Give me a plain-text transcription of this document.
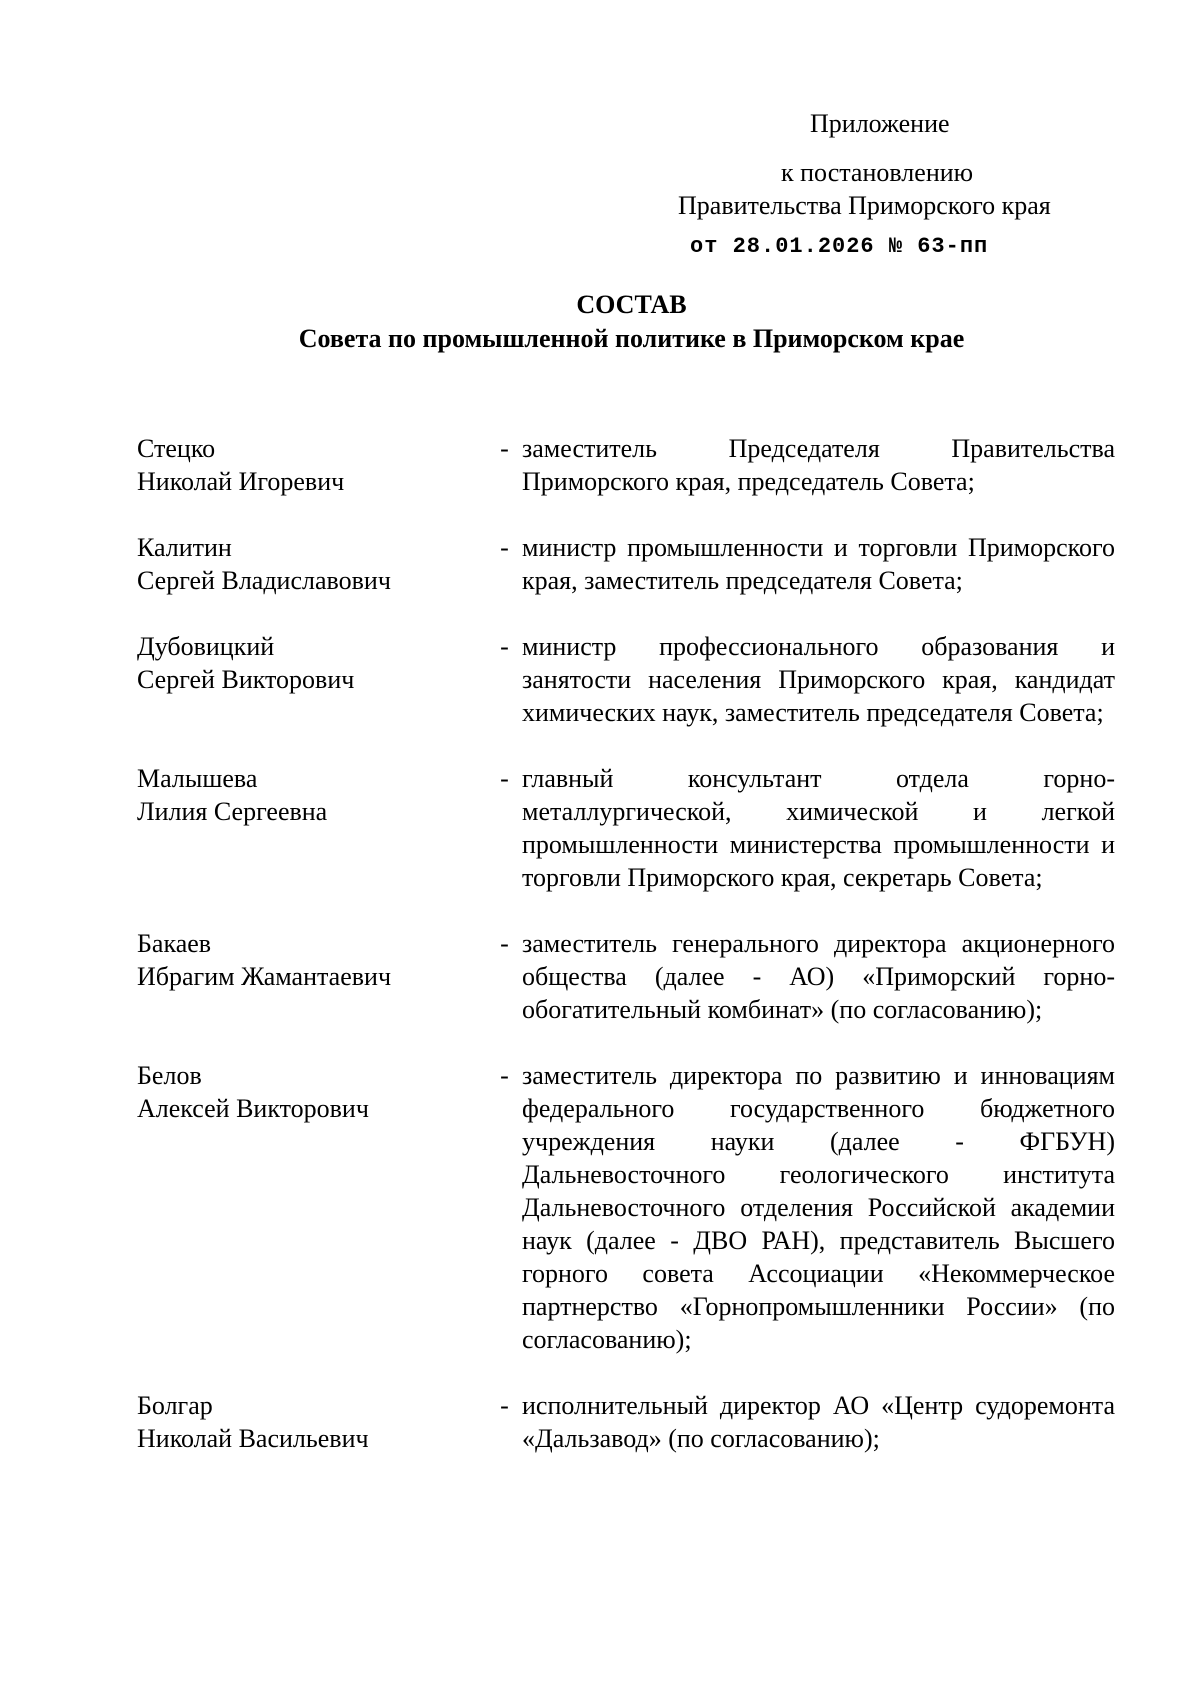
Приложение
к постановлению
Правительства Приморского края
от 28.01.2026 № 63-пп
СОСТАВ
Совета по промышленной политике в Приморском крае
Стецко
Николай Игоревич
- заместитель Председателя Правительства Приморского края, председатель Совета;
Калитин
Сергей Владиславович
- министр промышленности и торговли Приморского края, заместитель председателя Совета;
Дубовицкий
Сергей Викторович
- министр профессионального образования и занятости населения Приморского края, кандидат химических наук, заместитель председателя Совета;
Малышева
Лилия Сергеевна
- главный консультант отдела горно-металлургической, химической и легкой промышленности министерства промышленности и торговли Приморского края, секретарь Совета;
Бакаев
Ибрагим Жамантаевич
- заместитель генерального директора акционерного общества (далее - АО) «Приморский горно-обогатительный комбинат» (по согласованию);
Белов
Алексей Викторович
- заместитель директора по развитию и инновациям федерального государственного бюджетного учреждения науки (далее - ФГБУН) Дальневосточного геологического института Дальневосточного отделения Российской академии наук (далее - ДВО РАН), представитель Высшего горного совета Ассоциации «Некоммерческое партнерство «Горнопромышленники России» (по согласованию);
Болгар
Николай Васильевич
- исполнительный директор АО «Центр судоремонта «Дальзавод» (по согласованию);
